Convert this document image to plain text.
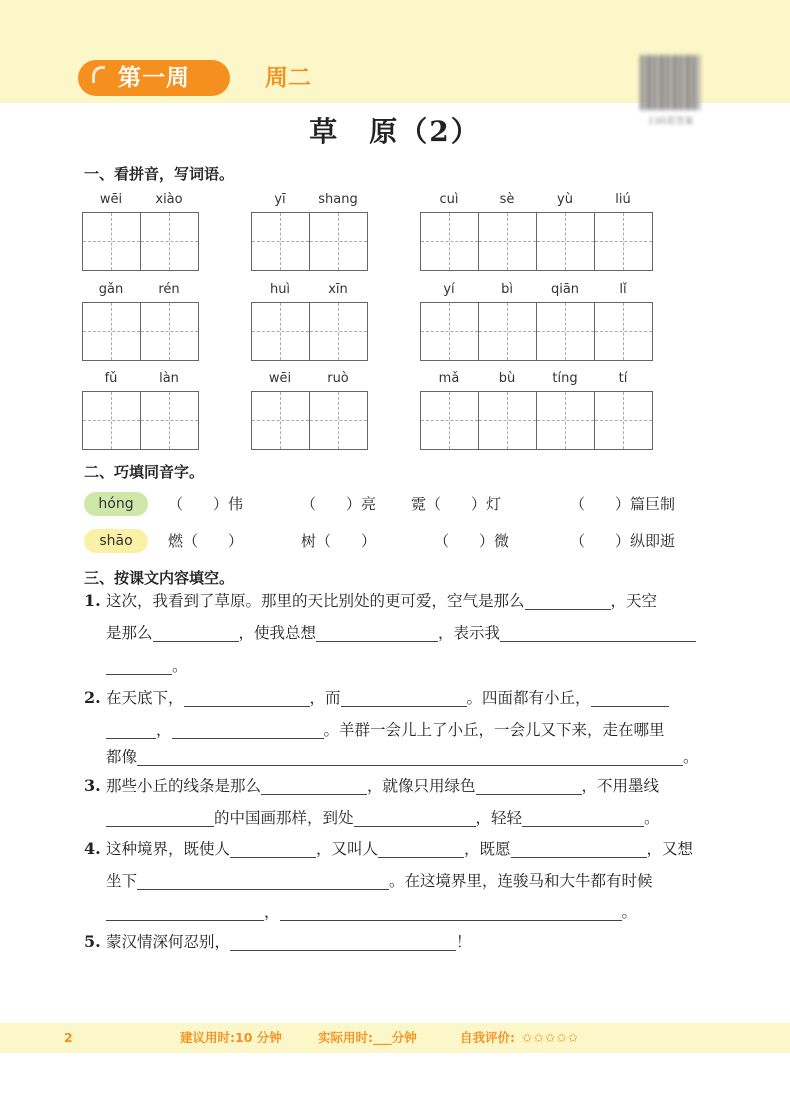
第一周	周二
扫码看答案
草　原（2）
一、看拼音，写词语。
wēi	xiào	yī	shang	cuì	sè	yù	liú
gǎn	rén	huì	xīn	yí	bì	qiān	lǐ
fǔ	làn	wēi	ruò	mǎ	bù	tíng	tí
二、巧填同音字。
hóng	（　　）伟	（　　）亮 霓（　　）灯	（　　）篇巨制
shāo	燃（　　）	树（　　）	（　　）微	（　　）纵即逝
三、按课文内容填空。
1. 这次，我看到了草原。那里的天比别处的更可爱，空气是那么	，天空
是那么	，使我总想	，表示我
。
2. 在天底下，	，而	。四面都有小丘，
，	。羊群一会儿上了小丘，一会儿又下来，走在哪里
都像	。
3. 那些小丘的线条是那么	，就像只用绿色	，不用墨线
的中国画那样，到处	，轻轻	。
4. 这种境界，既使人	，又叫人	，既愿	，又想
坐下	。在这境界里，连骏马和大牛都有时候
，	。
5. 蒙汉情深何忍别，	！
2	建议用时:10 分钟	实际用时:___分钟	自我评价: ✩✩✩✩✩
